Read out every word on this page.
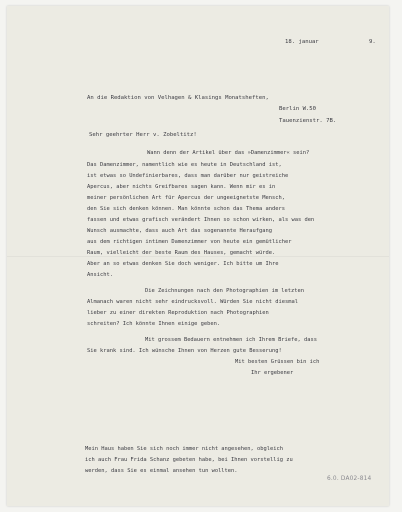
18. januar	9.
An die Redaktion von Velhagen & Klasings Monatsheften,
Berlin W.50
Tauenzienstr. 7B.
Sehr geehrter Herr v. Zobeltitz!
Wann denn der Artikel über das »Damenzimmer« sein?
Das Damenzimmer, namentlich wie es heute in Deutschland ist,
ist etwas so Undefinierbares, dass man darüber nur geistreiche
Apercus, aber nichts Greifbares sagen kann. Wenn mir es in
meiner persönlichen Art für Apercus der ungeeignetste Mensch,
den Sie sich denken können. Man könnte schon das Thema anders
fassen und etwas grafisch verändert Ihnen so schon wirken, als was den
Wunsch ausmachte, dass auch Art das sogenannte Heraufgang
aus dem richtigen intimen Damenzimmer von heute ein gemütlicher
Raum, vielleicht der beste Raum des Hauses, gemacht würde.
Aber an so etwas denken Sie doch weniger. Ich bitte um Ihre
Ansicht.
Die Zeichnungen nach den Photographien im letzten
Almanach waren nicht sehr eindrucksvoll. Würden Sie nicht diesmal
lieber zu einer direkten Reproduktion nach Photographien
schreiten? Ich könnte Ihnen einige geben.
Mit grossem Bedauern entnehmen ich Ihrem Briefe, dass
Sie krank sind. Ich wünsche Ihnen von Herzen gute Besserung!
Mit besten Grüssen bin ich
Ihr ergebener
Mein Haus haben Sie sich noch immer nicht angesehen, obgleich
ich auch Frau Frida Schanz gebeten habe, bei Ihnen vorstellig zu
werden, dass Sie es einmal ansehen tun wollten.
6.0. DA02-814
